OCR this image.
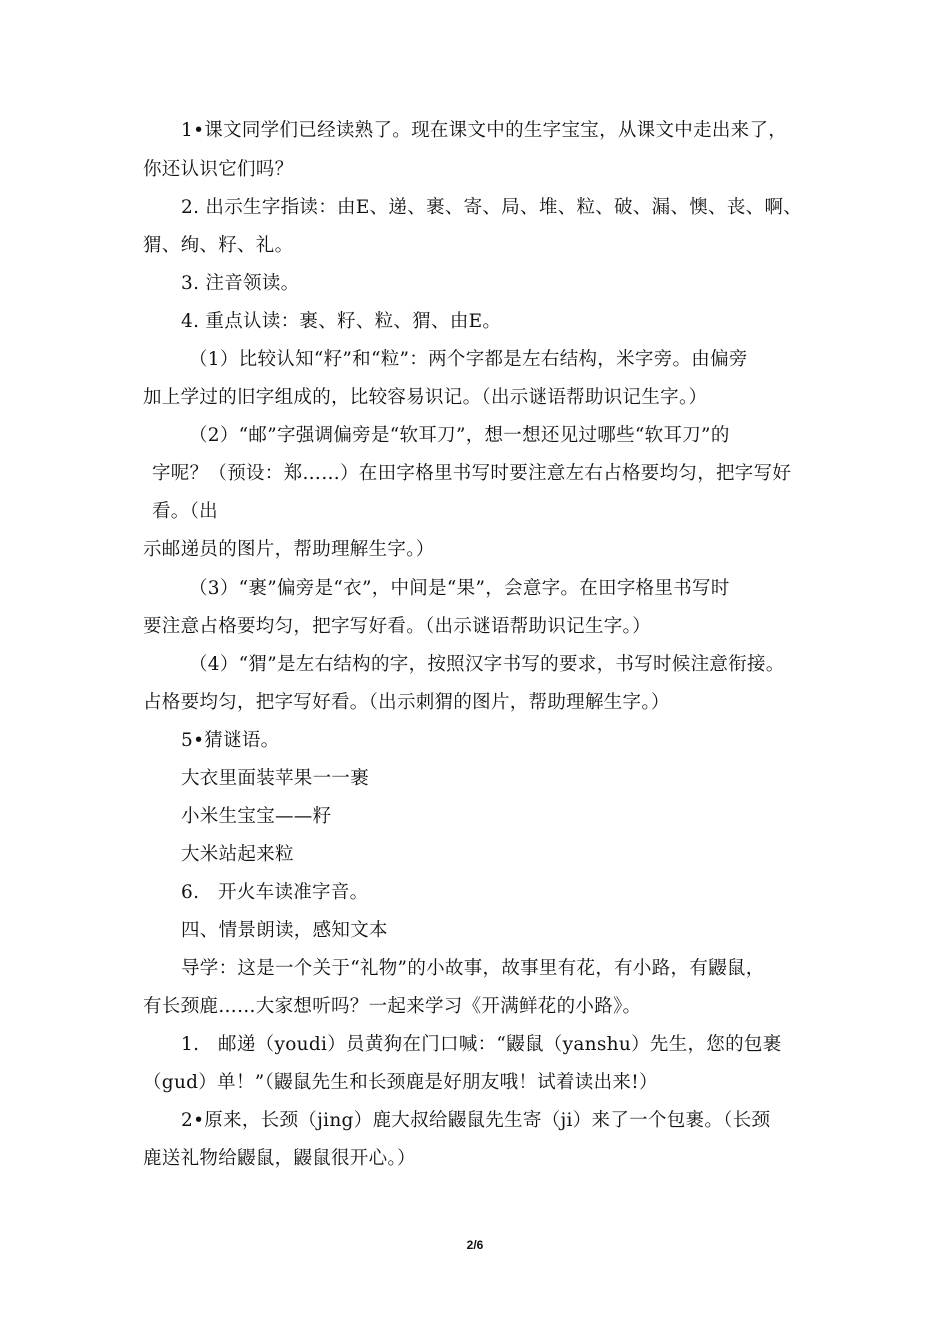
1•课文同学们已经读熟了。现在课文中的生字宝宝，从课文中走出来了，
你还认识它们吗？
2. 出示生字指读：由E、递、裹、寄、局、堆、粒、破、漏、懊、丧、啊、
猬、绚、籽、礼。
3. 注音领读。
4. 重点认读：裹、籽、粒、猬、由E。
（1）比较认知“籽”和“粒”：两个字都是左右结构，米字旁。由偏旁
加上学过的旧字组成的，比较容易识记。（出示谜语帮助识记生字。）
（2）“邮”字强调偏旁是“软耳刀”，想一想还见过哪些“软耳刀”的
字呢？（预设：郑……）在田字格里书写时要注意左右占格要均匀，把字写好
看。（出
示邮递员的图片，帮助理解生字。）
（3）“裹”偏旁是“衣”，中间是“果”，会意字。在田字格里书写时
要注意占格要均匀，把字写好看。（出示谜语帮助识记生字。）
（4）“猬”是左右结构的字，按照汉字书写的要求，书写时候注意衔接。
占格要均匀，把字写好看。（出示刺猬的图片，帮助理解生字。）
5•猜谜语。
大衣里面装苹果一一裹
小米生宝宝——籽
大米站起来粒
6.　开火车读准字音。
四、情景朗读，感知文本
导学：这是一个关于“礼物”的小故事，故事里有花，有小路，有鼹鼠，
有长颈鹿……大家想听吗？一起来学习《开满鲜花的小路》。
1.　邮递（youdi）员黄狗在门口喊：“鼹鼠（yanshu）先生，您的包裹
（gud）单！”（鼹鼠先生和长颈鹿是好朋友哦！试着读出来!）
2•原来，长颈（jing）鹿大叔给鼹鼠先生寄（ji）来了一个包裹。（长颈
鹿送礼物给鼹鼠，鼹鼠很开心。）
2/6
